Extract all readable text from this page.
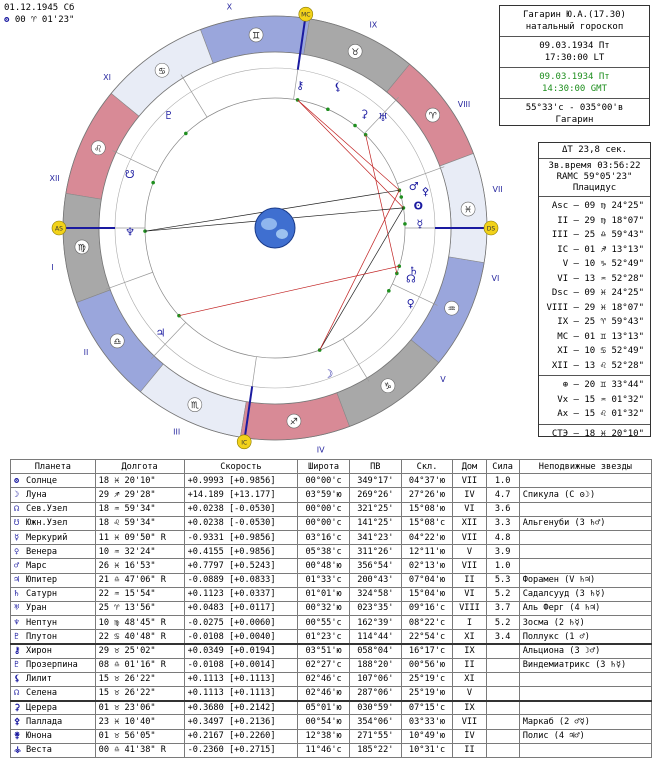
01.12.1945 Сб
ʘ 00 ♈ 01'23"
I
II
III
IV
V
VI
VII
VIII
IX
X
XI
XII
♈
♉
♊
♋
♌
♍
♎
♏
♐
♑
♒
♓
AS	DS
MC
IC
ʘ
☽
☊
☋
☿
♀
♂
♃
♄
♅
♆
♇
⚷	⚸
⚳
⚴
Гагарин Ю.А.(17.30)
натальный гороскоп
09.03.1934 Пт
17:30:00 LT
09.03.1934 Пт
14:30:00 GMT
55°33'с - 035°00'в
Гагарин
ΔT 23,8 сек.
Зв.время 03:56:22
RAMC 59°05'23"
Плацидус
Asc – 09 ♍ 24°25"
II – 29 ♍ 18°07"
III – 25 ♎ 59°43"
IC – 01 ♐ 13°13"
V – 10 ♑ 52°49"
VI – 13 ♒ 52°28"
Dsc – 09 ♓ 24°25"
VIII – 29 ♓ 18°07"
IX – 25 ♈ 59°43"
MC – 01 ♊ 13°13"
XI – 10 ♋ 52°49"
XII – 13 ♌ 52°28"
⊕ – 20 ♊ 33°44"
Vx – 15 ♒ 01°32"
Ax – 15 ♌ 01°32"
СТЭ – 18 ♓ 20°10"
Планета	Долгота	Скорость	Широта	ПВ	Скл.	Дом	Сила	Неподвижные звезды
ʘ Солнце	18 ♓ 20'10"	+0.9993 [+0.9856]	00°00'с	349°17'	04°37'ю	VII	1.0	
☽ Луна	29 ♐ 29'28"	+14.189 [+13.177]	03°59'ю	269°26'	27°26'ю	IV	4.7	Спикула (С ʘ☽)
☊ Сев.Узел	18 ♒ 59'34"	+0.0238 [-0.0530]	00°00'с	321°25'	15°08'ю	VI	3.6	
☋ Южн.Узел	18 ♌ 59'34"	+0.0238 [-0.0530]	00°00'с	141°25'	15°08'с	XII	3.3	Альгенуби (3 ♄♂)
☿ Меркурий	11 ♓ 09'50" R	-0.9331 [+0.9856]	03°16'с	341°23'	04°22'ю	VII	4.8	
♀ Венера	10 ♒ 32'24"	+0.4155 [+0.9856]	05°38'с	311°26'	12°11'ю	V	3.9	
♂ Марс	26 ♓ 16'53"	+0.7797 [+0.5243]	00°48'ю	356°54'	02°13'ю	VII	1.0	
♃ Юпитер	21 ♎ 47'06" R	-0.0889 [+0.0833]	01°33'с	200°43'	07°04'ю	II	5.3	Форамен (V ♄♃)
♄ Сатурн	22 ♒ 15'54"	+0.1123 [+0.0337]	01°01'ю	324°58'	15°04'ю	VI	5.2	Садалсууд (3 ♄☿)
♅ Уран	25 ♈ 13'56"	+0.0483 [+0.0117]	00°32'ю	023°35'	09°16'с	VIII	3.7	Аль Ферг (4 ♄♃)
♆ Нептун	10 ♍ 48'45" R	-0.0275 [+0.0060]	00°55'с	162°39'	08°22'с	I	5.2	Зосма (2 ♄☿)
♇ Плутон	22 ♋ 40'48" R	-0.0108 [+0.0040]	01°23'с	114°44'	22°54'с	XI	3.4	Поллукс (1 ♂)
⚷ Хирон	29 ♉ 25'02"	+0.0349 [+0.0194]	03°51'ю	058°04'	16°17'с	IX		Альциона (3 ☽♂)
♇ Прозерпина	08 ♎ 01'16" R	-0.0108 [+0.0014]	02°27'с	188°20'	00°56'ю	II		Виндемиатрикс (3 ♄☿)
⚸ Лилит	15 ♉ 26'22"	+0.1113 [+0.1113]	02°46'с	107°06'	25°19'с	XI		
☊ Селена	15 ♉ 26'22"	+0.1113 [+0.1113]	02°46'ю	287°06'	25°19'ю	V		
⚳ Церера	01 ♉ 23'06"	+0.3680 [+0.2142]	05°01'ю	030°59'	07°15'с	IX		
⚴ Паллада	23 ♓ 10'40"	+0.3497 [+0.2136]	00°54'ю	354°06'	03°33'ю	VII		Маркаб (2 ♂☿)
⚵ Юнона	01 ♉ 56'05"	+0.2167 [+0.2260]	12°38'ю	271°55'	10°49'ю	IV		Полис (4 ♃♂)
⚶ Веста	00 ♎ 41'38" R	-0.2360 [+0.2715]	11°46'с	185°22'	10°31'с	II		
